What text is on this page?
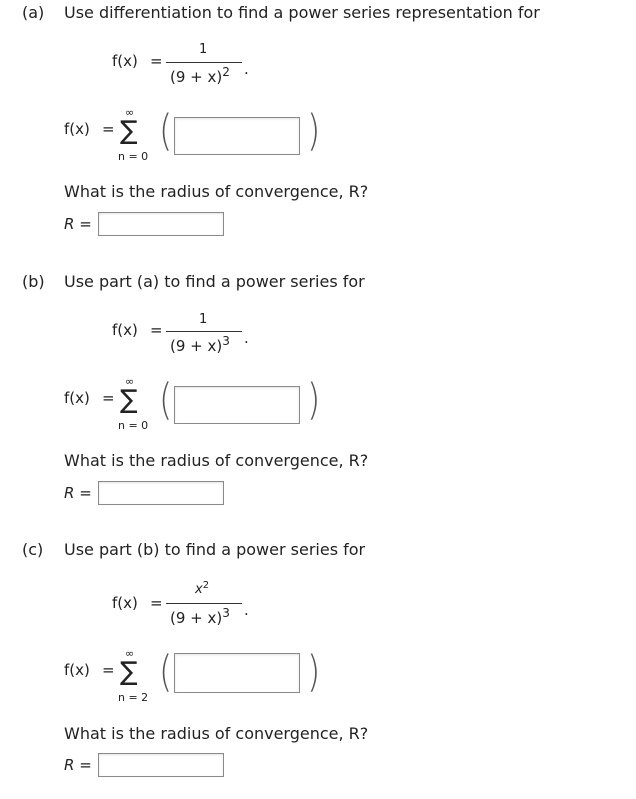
(a) Use differentiation to find a power series representation for
f(x) =
1
$(9 + x)^2$ .
f(x) =
∞
∑
n = 0
(	)
What is the radius of convergence, R?
R =
(b) Use part (a) to find a power series for
f(x) =
1
$(9 + x)^3$ .
f(x) =
∞
∑
n = 0
(	)
What is the radius of convergence, R?
R =
(c) Use part (b) to find a power series for
f(x) =
$x^2$
$(9 + x)^3$ .
f(x) =
∞
∑
n = 2
(	)
What is the radius of convergence, R?
R =
